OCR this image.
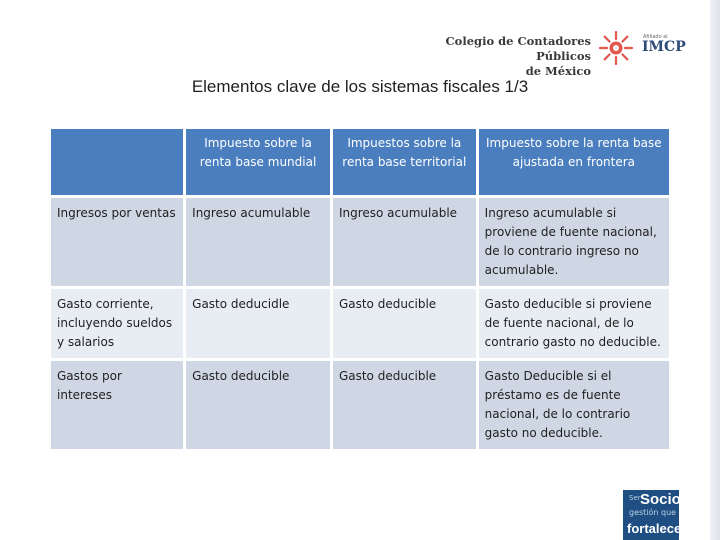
Colegio de Contadores Públicos
de México
Afiliado al
IMCP
Elementos clave de los sistemas fiscales 1/3
	Impuesto sobre la renta base mundial	Impuestos sobre la renta base territorial	Impuesto sobre la renta base ajustada en frontera
Ingresos por ventas	Ingreso acumulable	Ingreso acumulable	Ingreso acumulable si proviene de fuente nacional, de lo contrario ingreso no acumulable.
Gasto corriente, incluyendo sueldos y salarios	Gasto deducidle	Gasto deducible	Gasto deducible si proviene de fuente nacional, de lo contrario gasto no deducible.
Gastos por intereses	Gasto deducible	Gasto deducible	Gasto Deducible si el préstamo es de fuente nacional, de lo contrario gasto no deducible.
Ser Socio
gestión que
fortalece
